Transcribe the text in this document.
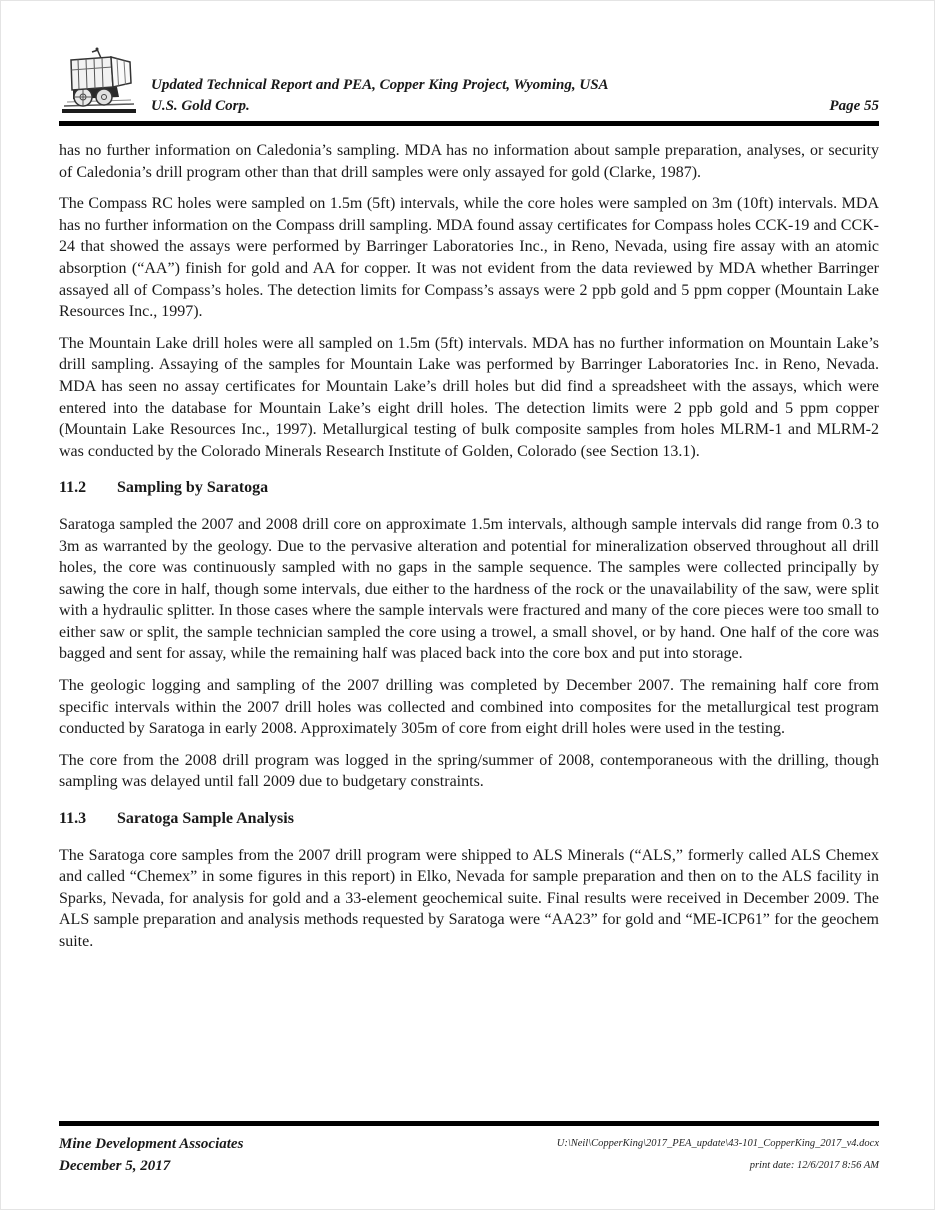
Updated Technical Report and PEA, Copper King Project, Wyoming, USA
U.S. Gold Corp.	Page 55

has no further information on Caledonia’s sampling. MDA has no information about sample preparation, analyses, or security of Caledonia’s drill program other than that drill samples were only assayed for gold (Clarke, 1987).

The Compass RC holes were sampled on 1.5m (5ft) intervals, while the core holes were sampled on 3m (10ft) intervals. MDA has no further information on the Compass drill sampling. MDA found assay certificates for Compass holes CCK-19 and CCK-24 that showed the assays were performed by Barringer Laboratories Inc., in Reno, Nevada, using fire assay with an atomic absorption (“AA”) finish for gold and AA for copper. It was not evident from the data reviewed by MDA whether Barringer assayed all of Compass’s holes. The detection limits for Compass’s assays were 2 ppb gold and 5 ppm copper (Mountain Lake Resources Inc., 1997).

The Mountain Lake drill holes were all sampled on 1.5m (5ft) intervals. MDA has no further information on Mountain Lake’s drill sampling. Assaying of the samples for Mountain Lake was performed by Barringer Laboratories Inc. in Reno, Nevada. MDA has seen no assay certificates for Mountain Lake’s drill holes but did find a spreadsheet with the assays, which were entered into the database for Mountain Lake’s eight drill holes. The detection limits were 2 ppb gold and 5 ppm copper (Mountain Lake Resources Inc., 1997). Metallurgical testing of bulk composite samples from holes MLRM-1 and MLRM-2 was conducted by the Colorado Minerals Research Institute of Golden, Colorado (see Section 13.1).

11.2	Sampling by Saratoga

Saratoga sampled the 2007 and 2008 drill core on approximate 1.5m intervals, although sample intervals did range from 0.3 to 3m as warranted by the geology. Due to the pervasive alteration and potential for mineralization observed throughout all drill holes, the core was continuously sampled with no gaps in the sample sequence. The samples were collected principally by sawing the core in half, though some intervals, due either to the hardness of the rock or the unavailability of the saw, were split with a hydraulic splitter. In those cases where the sample intervals were fractured and many of the core pieces were too small to either saw or split, the sample technician sampled the core using a trowel, a small shovel, or by hand. One half of the core was bagged and sent for assay, while the remaining half was placed back into the core box and put into storage.

The geologic logging and sampling of the 2007 drilling was completed by December 2007. The remaining half core from specific intervals within the 2007 drill holes was collected and combined into composites for the metallurgical test program conducted by Saratoga in early 2008. Approximately 305m of core from eight drill holes were used in the testing.

The core from the 2008 drill program was logged in the spring/summer of 2008, contemporaneous with the drilling, though sampling was delayed until fall 2009 due to budgetary constraints.

11.3	Saratoga Sample Analysis

The Saratoga core samples from the 2007 drill program were shipped to ALS Minerals (“ALS,” formerly called ALS Chemex and called “Chemex” in some figures in this report) in Elko, Nevada for sample preparation and then on to the ALS facility in Sparks, Nevada, for analysis for gold and a 33-element geochemical suite. Final results were received in December 2009. The ALS sample preparation and analysis methods requested by Saratoga were “AA23” for gold and “ME-ICP61” for the geochem suite.

Mine Development Associates
December 5, 2017
U:\Neil\CopperKing\2017_PEA_update\43-101_CopperKing_2017_v4.docx
print date: 12/6/2017 8:56 AM
